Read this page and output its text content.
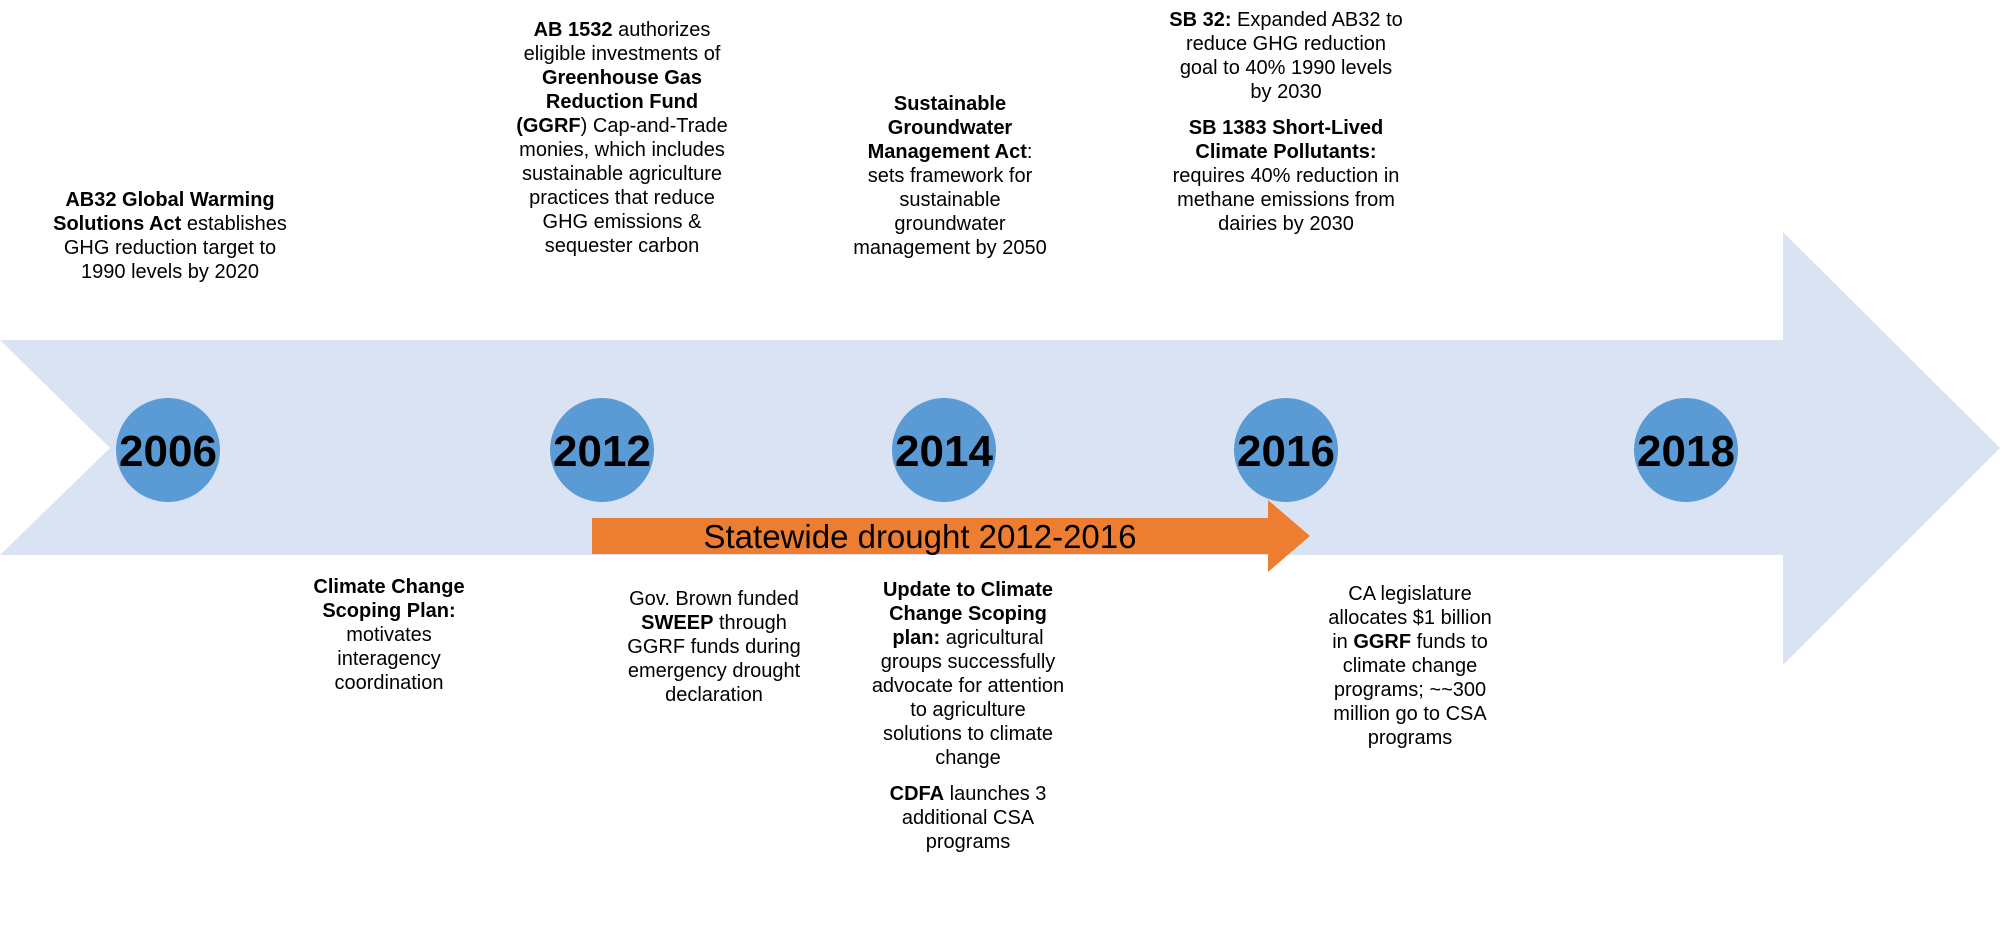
2006	2012	2014	2016	2018
Statewide drought 2012-2016

AB32 Global Warming Solutions Act establishes GHG reduction target to 1990 levels by 2020

AB 1532 authorizes eligible investments of Greenhouse Gas Reduction Fund (GGRF) Cap-and-Trade monies, which includes sustainable agriculture practices that reduce GHG emissions & sequester carbon

Sustainable Groundwater Management Act: sets framework for sustainable groundwater management by 2050

SB 32: Expanded AB32 to reduce GHG reduction goal to 40% 1990 levels by 2030

SB 1383 Short-Lived Climate Pollutants: requires 40% reduction in methane emissions from dairies by 2030

Climate Change Scoping Plan: motivates interagency coordination

Gov. Brown funded SWEEP through GGRF funds during emergency drought declaration

Update to Climate Change Scoping plan: agricultural groups successfully advocate for attention to agriculture solutions to climate change

CDFA launches 3 additional CSA programs

CA legislature allocates $1 billion in GGRF funds to climate change programs; ~~300 million go to CSA programs
